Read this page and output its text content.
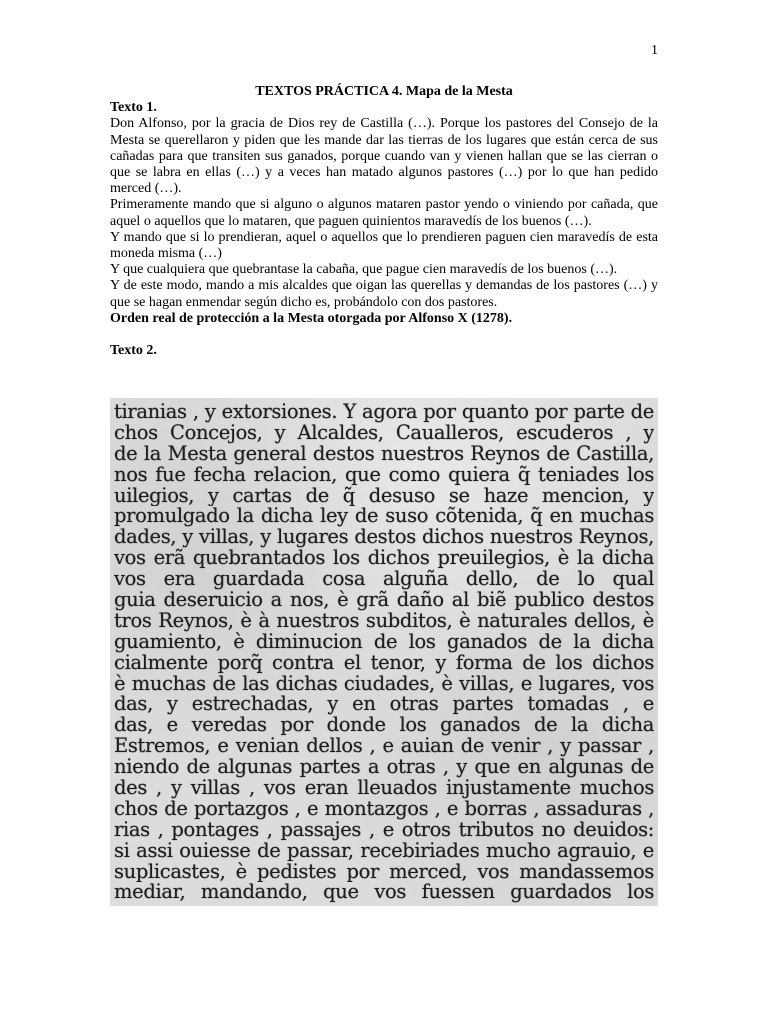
1

TEXTOS PRÁCTICA 4. Mapa de la Mesta

Texto 1.

Don Alfonso, por la gracia de Dios rey de Castilla (…). Porque los pastores del Consejo de la Mesta se querellaron y piden que les mande dar las tierras de los lugares que están cerca de sus cañadas para que transiten sus ganados, porque cuando van y vienen hallan que se las cierran o que se labra en ellas (…) y a veces han matado algunos pastores (…) por lo que han pedido merced (…).

Primeramente mando que si alguno o algunos mataren pastor yendo o viniendo por cañada, que aquel o aquellos que lo mataren, que paguen quinientos maravedís de los buenos (…).

Y mando que si lo prendieran, aquel o aquellos que lo prendieren paguen cien maravedís de esta moneda misma (…)

Y que cualquiera que quebrantase la cabaña, que pague cien maravedís de los buenos (…).

Y de este modo, mando a mis alcaldes que oigan las querellas y demandas de los pastores (…) y que se hagan enmendar según dicho es, probándolo con dos pastores.

Orden real de protección a la Mesta otorgada por Alfonso X (1278).

Texto 2.

tiranias , y extorsiones. Y agora por quanto por parte de
chos Concejos, y Alcaldes, Caualleros, escuderos , y
de la Mesta general destos nuestros Reynos de Castilla,
nos fue fecha relacion, que como quiera q̃ teniades los
uilegios, y cartas de q̃ desuso se haze mencion, y
promulgado la dicha ley de suso cõtenida, q̃ en muchas
dades, y villas, y lugares destos dichos nuestros Reynos,
vos erã quebrantados los dichos preuilegios, è la dicha
vos era guardada cosa alguña dello, de lo qual
guia deseruicio a nos, è grã daño al biẽ publico destos
tros Reynos, è à nuestros subditos, è naturales dellos, è
guamiento, è diminucion de los ganados de la dicha
cialmente porq̃ contra el tenor, y forma de los dichos
è muchas de las dichas ciudades, è villas, e lugares, vos
das, y estrechadas, y en otras partes tomadas , e
das, e veredas por donde los ganados de la dicha
Estremos, e venian dellos , e auian de venir , y passar ,
niendo de algunas partes a otras , y que en algunas de
des , y villas , vos eran lleuados injustamente muchos
chos de portazgos , e montazgos , e borras , assaduras ,
rias , pontages , passajes , e otros tributos no deuidos:
si assi ouiesse de passar, recebiriades mucho agrauio, e
suplicastes, è pedistes por merced, vos mandassemos
mediar, mandando, que vos fuessen guardados los
